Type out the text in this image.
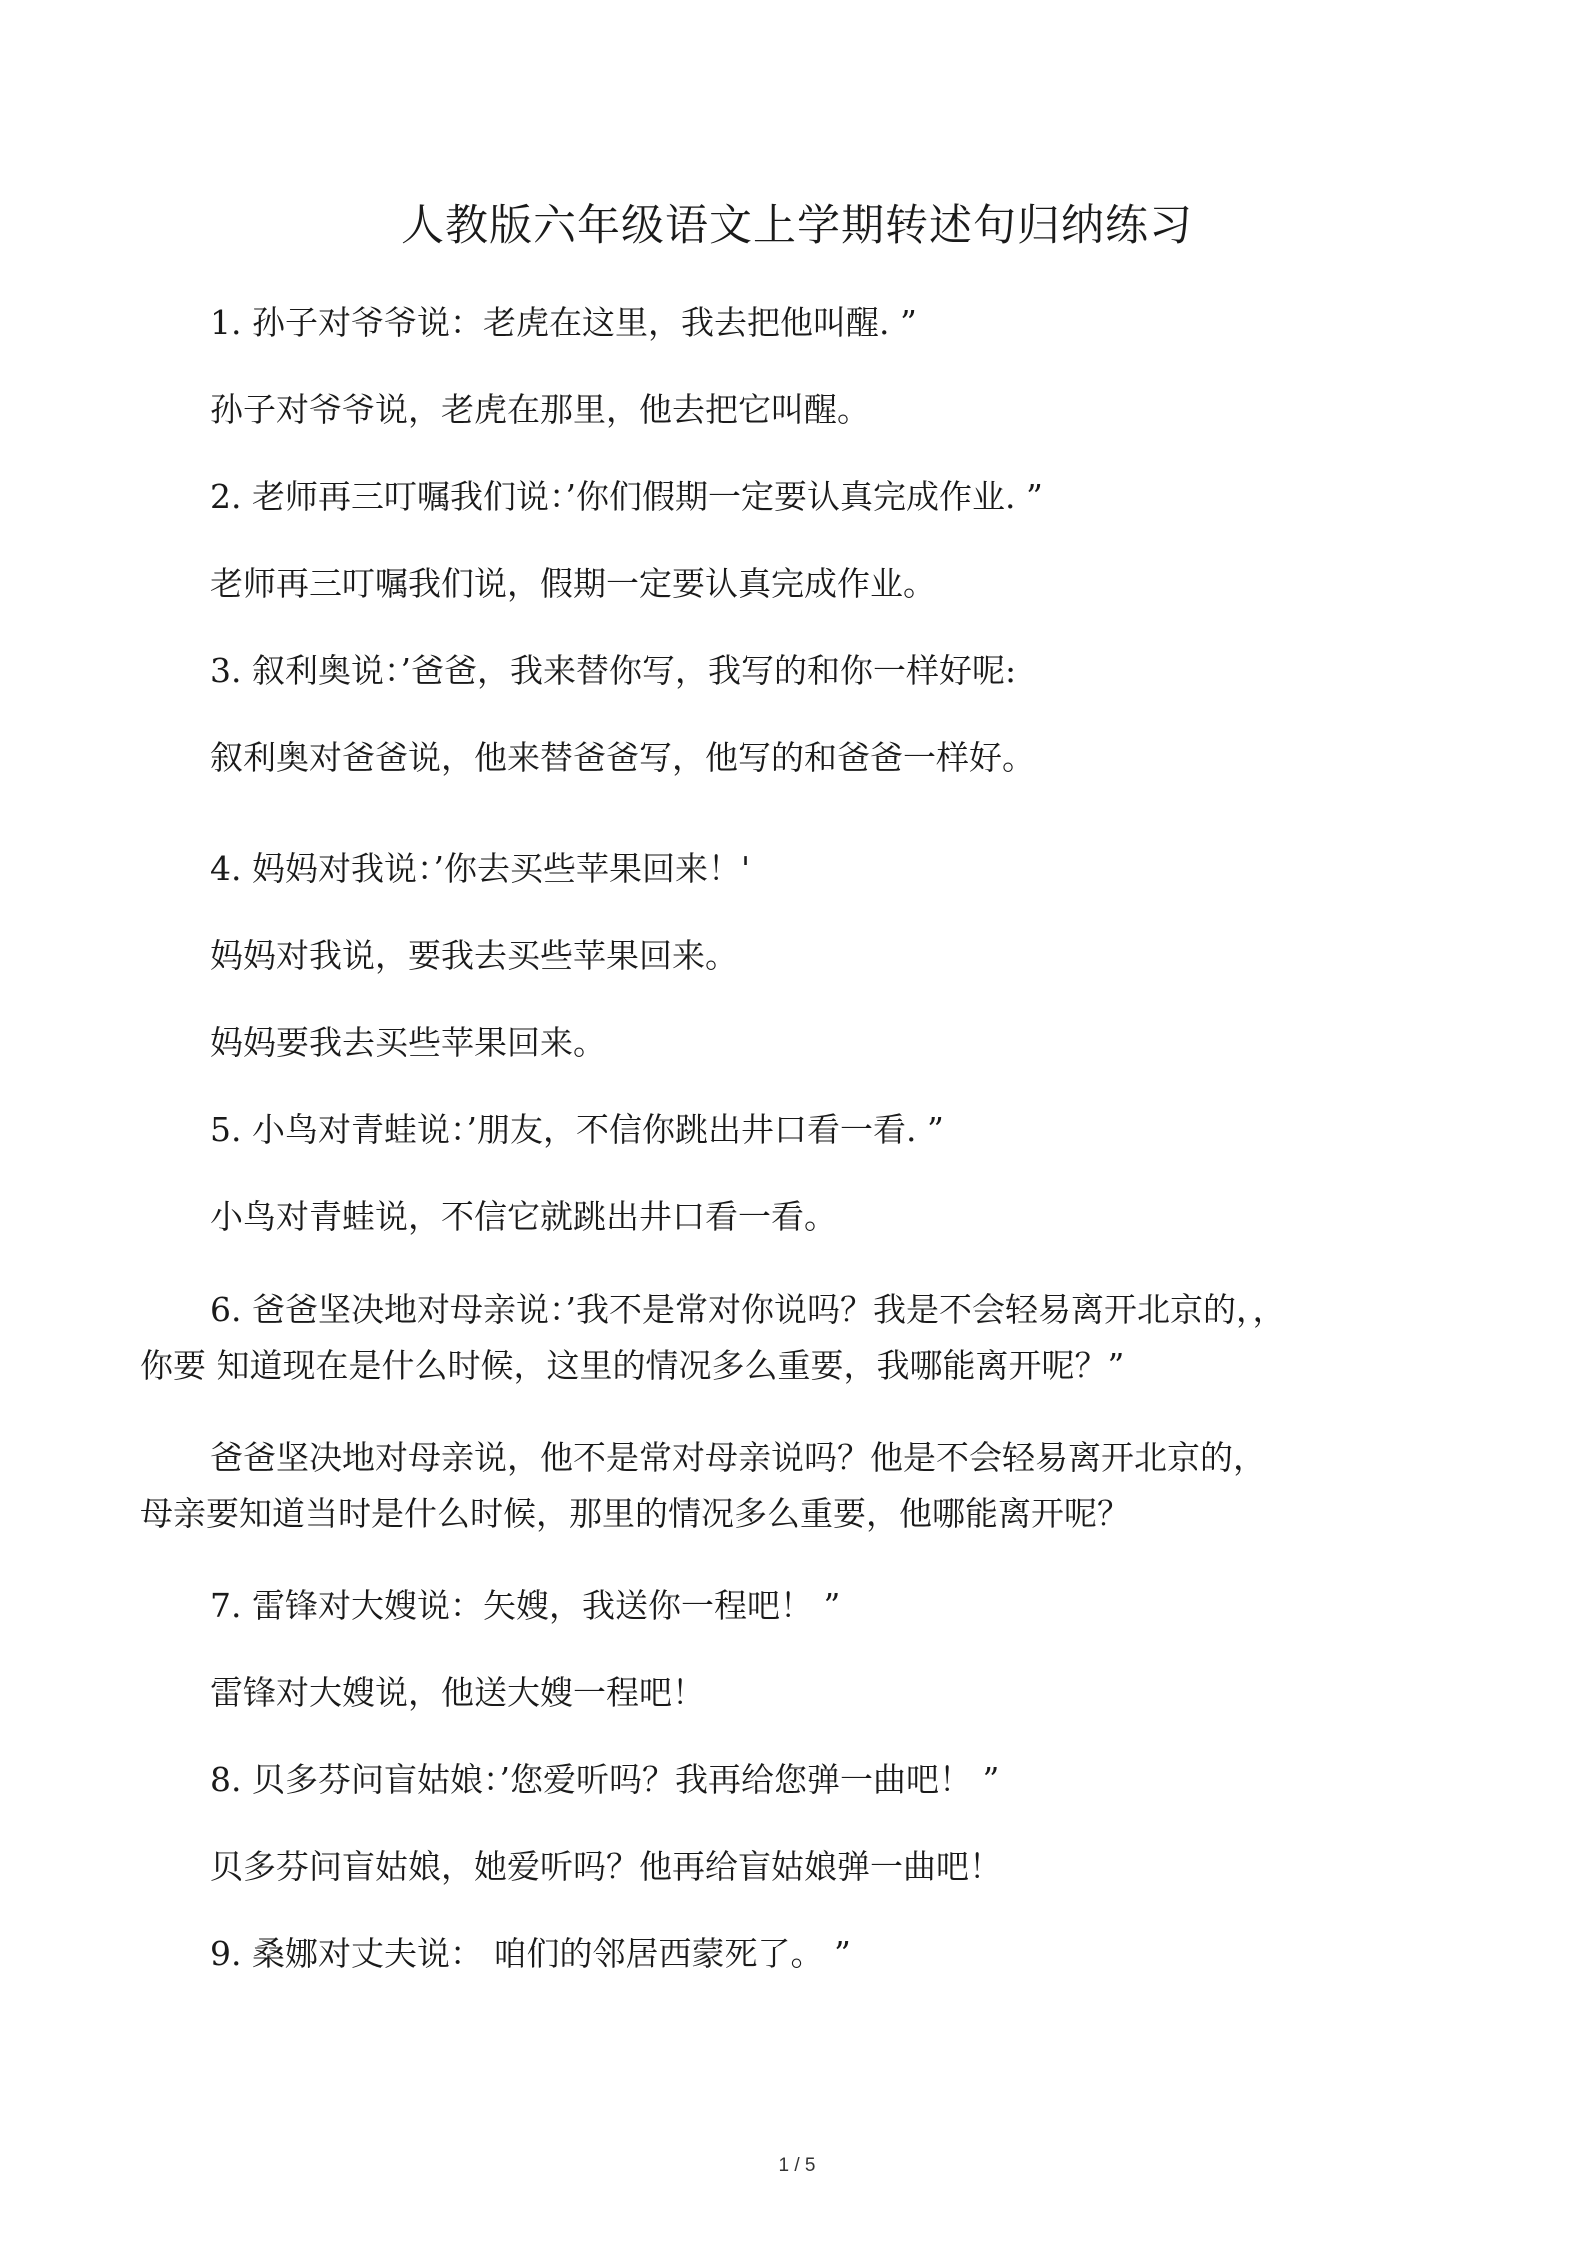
人教版六年级语文上学期转述句归纳练习
1. 孙子对爷爷说：老虎在这里，我去把他叫醒. ”
孙子对爷爷说，老虎在那里，他去把它叫醒。
2. 老师再三叮嘱我们说：’你们假期一定要认真完成作业. ”
老师再三叮嘱我们说，假期一定要认真完成作业。
3. 叙利奥说：’爸爸，我来替你写，我写的和你一样好呢:
叙利奥对爸爸说，他来替爸爸写，他写的和爸爸一样好。
4. 妈妈对我说：’你去买些苹果回来！'
妈妈对我说，要我去买些苹果回来。
妈妈要我去买些苹果回来。
5. 小鸟对青蛙说：’朋友，不信你跳出井口看一看. ”
小鸟对青蛙说，不信它就跳出井口看一看。
6. 爸爸坚决地对母亲说：’我不是常对你说吗？我是不会轻易离开北京的，，
你要 知道现在是什么时候，这里的情况多么重要，我哪能离开呢？”
爸爸坚决地对母亲说，他不是常对母亲说吗？他是不会轻易离开北京的，
母亲要知道当时是什么时候，那里的情况多么重要，他哪能离开呢？
7. 雷锋对大嫂说：矢嫂，我送你一程吧！ ”
雷锋对大嫂说，他送大嫂一程吧！
8. 贝多芬问盲姑娘：’您爱听吗？我再给您弹一曲吧！ ”
贝多芬问盲姑娘，她爱听吗？他再给盲姑娘弹一曲吧！
9. 桑娜对丈夫说： 咱们的邻居西蒙死了。 ”
1 / 5
